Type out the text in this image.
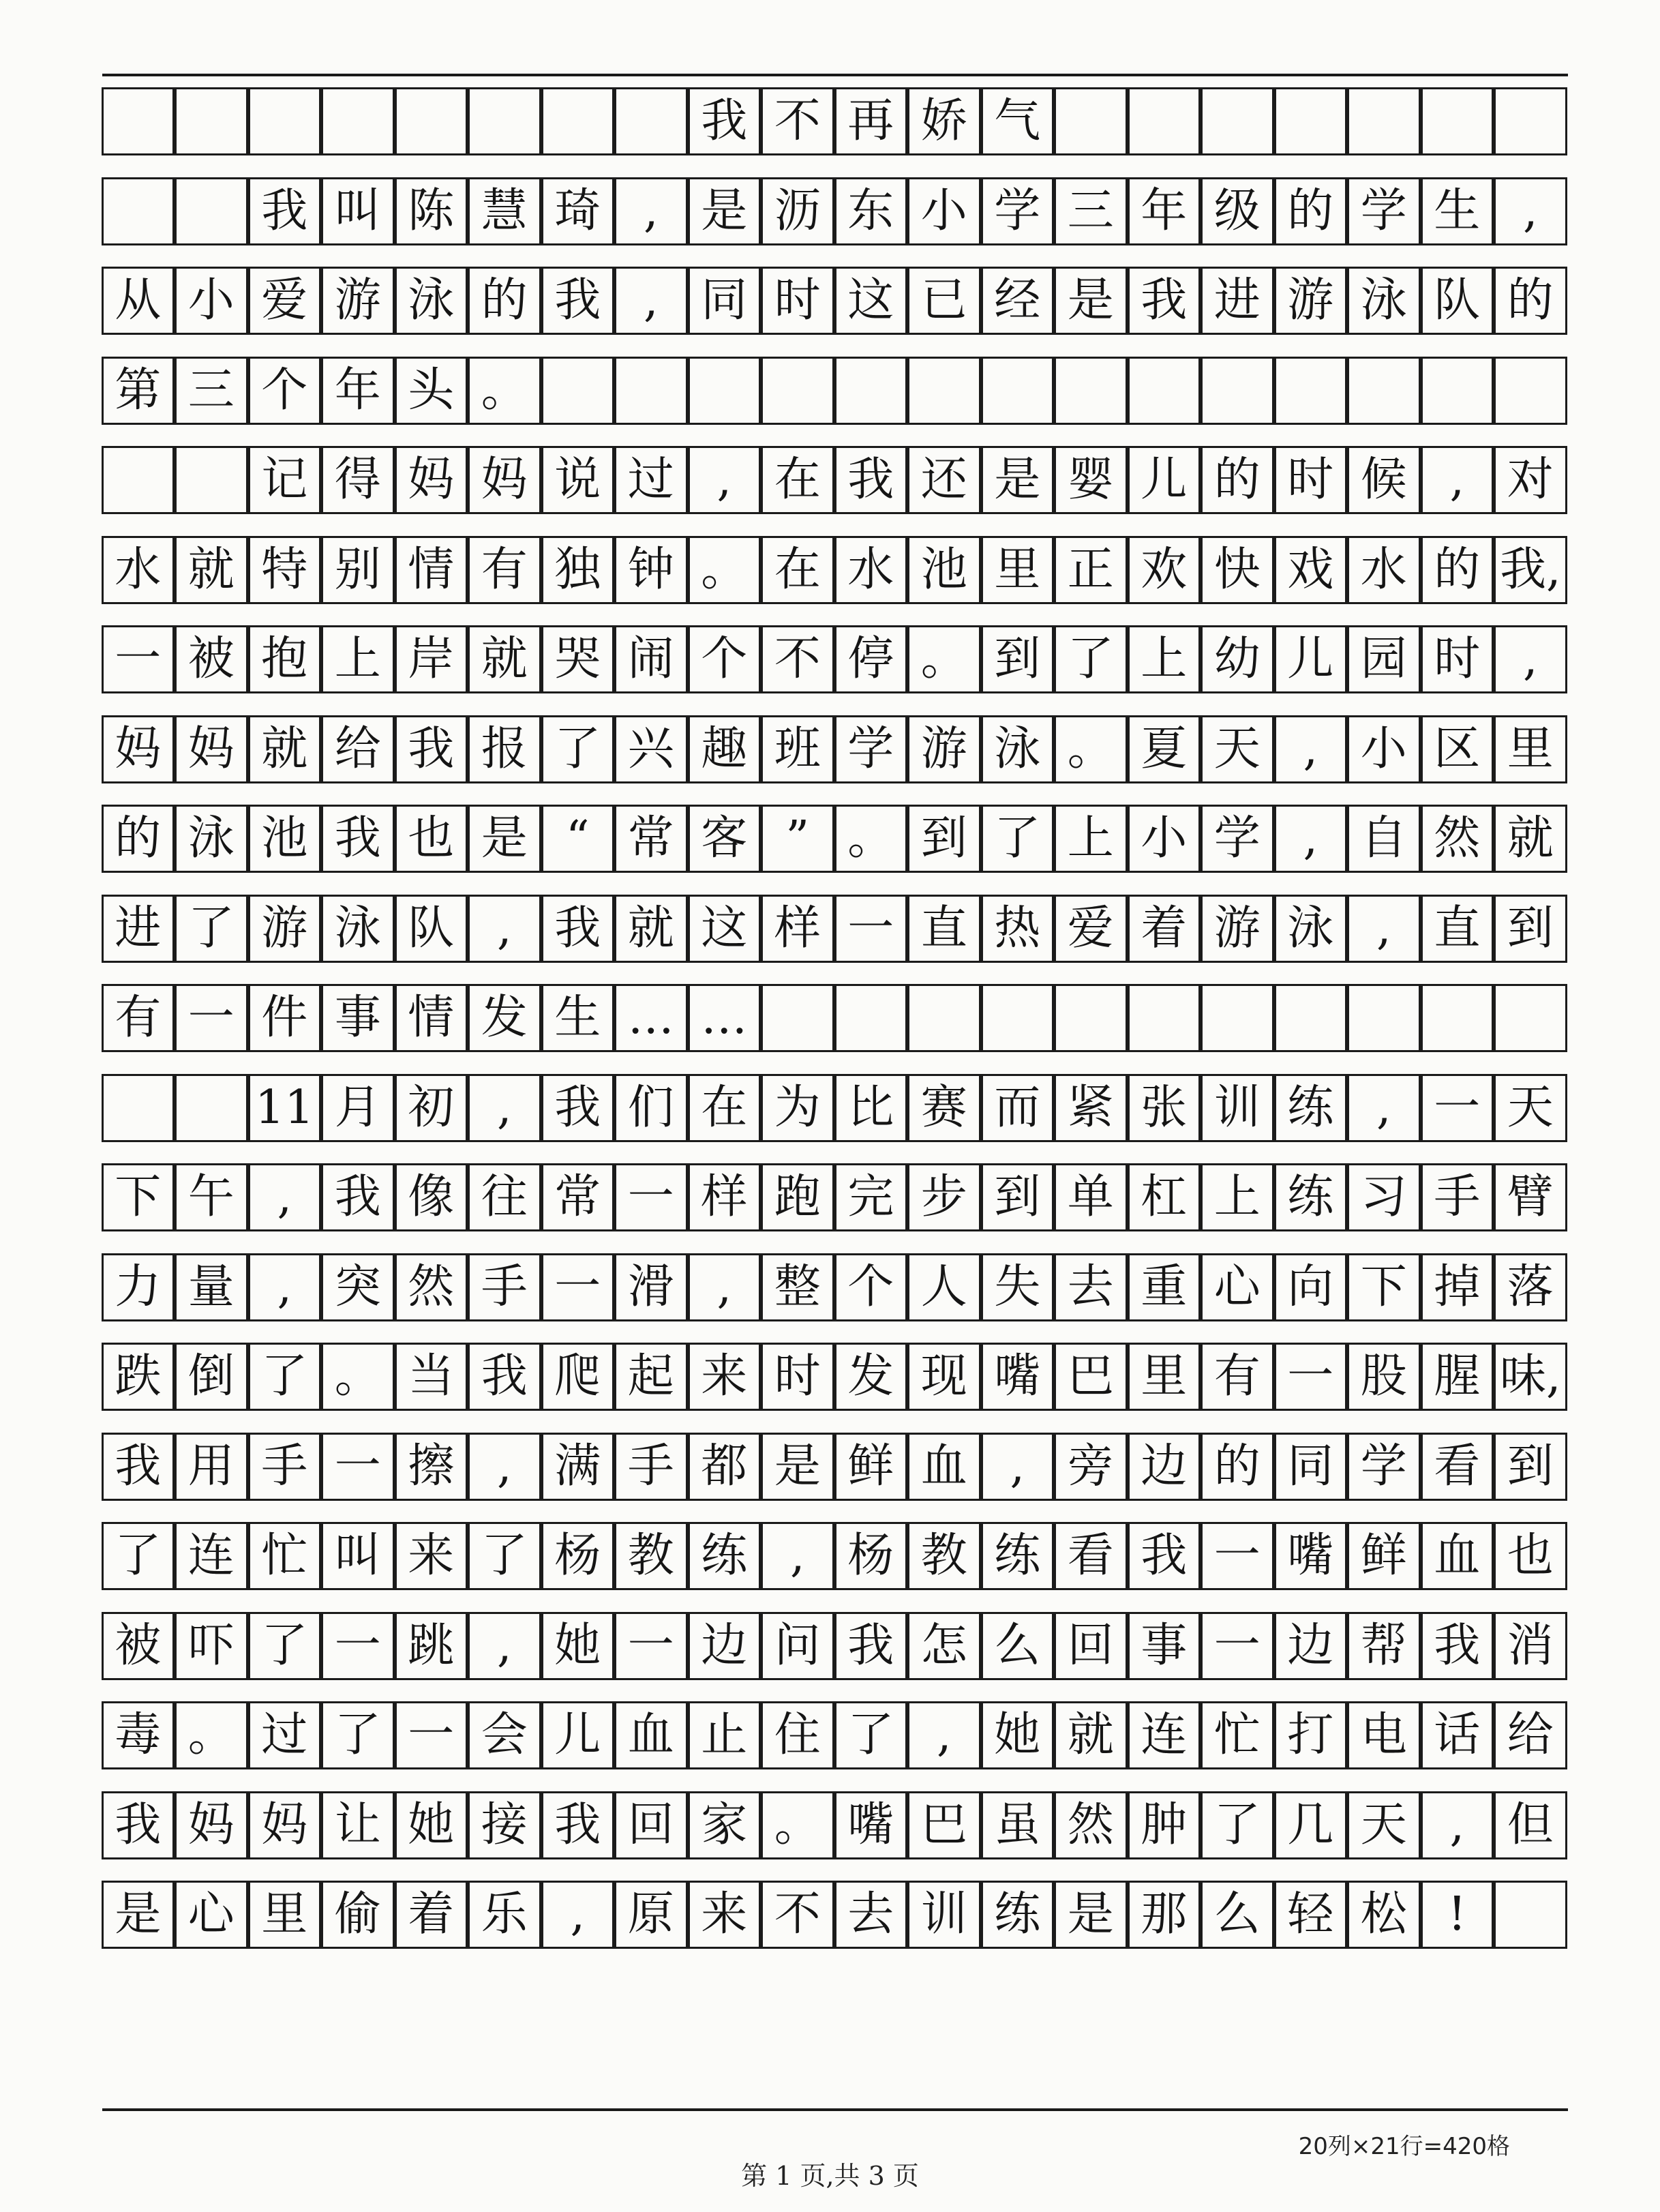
我 不 再 娇 气
我 叫 陈 慧 琦 , 是 沥 东 小 学 三 年 级 的 学 生 ,
从 小 爱 游 泳 的 我 , 同 时 这 已 经 是 我 进 游 泳 队 的
第 三 个 年 头 。
记 得 妈 妈 说 过 , 在 我 还 是 婴 儿 的 时 候 , 对
水 就 特 别 情 有 独 钟 。 在 水 池 里 正 欢 快 戏 水 的 我,
一 被 抱 上 岸 就 哭 闹 个 不 停 。 到 了 上 幼 儿 园 时 ,
妈 妈 就 给 我 报 了 兴 趣 班 学 游 泳 。 夏 天 , 小 区 里
的 泳 池 我 也 是 “ 常 客 ” 。 到 了 上 小 学 , 自 然 就
进 了 游 泳 队 , 我 就 这 样 一 直 热 爱 着 游 泳 , 直 到
有 一 件 事 情 发 生 … …
11 月 初 , 我 们 在 为 比 赛 而 紧 张 训 练 , 一 天
下 午 , 我 像 往 常 一 样 跑 完 步 到 单 杠 上 练 习 手 臂
力 量 , 突 然 手 一 滑 , 整 个 人 失 去 重 心 向 下 掉 落
跌 倒 了 。 当 我 爬 起 来 时 发 现 嘴 巴 里 有 一 股 腥 味,
我 用 手 一 擦 , 满 手 都 是 鲜 血 , 旁 边 的 同 学 看 到
了 连 忙 叫 来 了 杨 教 练 , 杨 教 练 看 我 一 嘴 鲜 血 也
被 吓 了 一 跳 , 她 一 边 问 我 怎 么 回 事 一 边 帮 我 消
毒 。 过 了 一 会 儿 血 止 住 了 , 她 就 连 忙 打 电 话 给
我 妈 妈 让 她 接 我 回 家 。 嘴 巴 虽 然 肿 了 几 天 , 但
是 心 里 偷 着 乐 , 原 来 不 去 训 练 是 那 么 轻 松 !
20列×21行=420格
第 1 页,共 3 页
